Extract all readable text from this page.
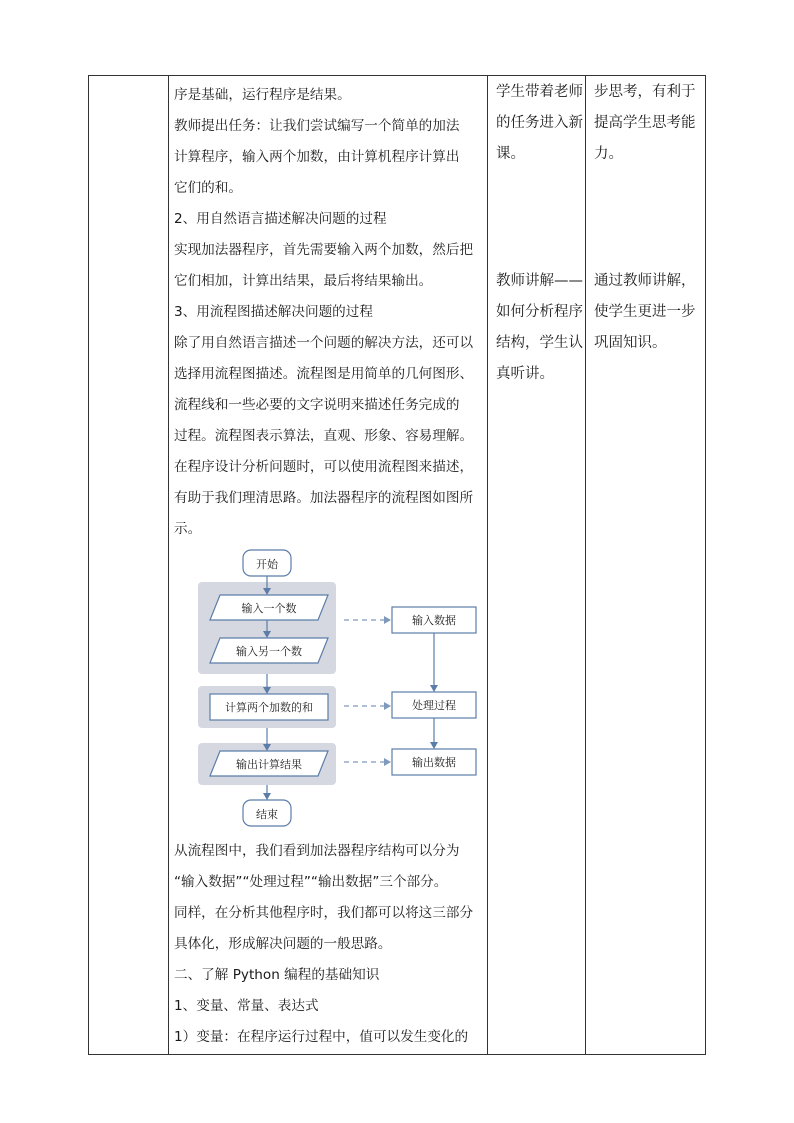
序是基础，运行程序是结果。
教师提出任务：让我们尝试编写一个简单的加法
计算程序，输入两个加数，由计算机程序计算出
它们的和。
2、用自然语言描述解决问题的过程
实现加法器程序，首先需要输入两个加数，然后把
它们相加，计算出结果，最后将结果输出。
3、用流程图描述解决问题的过程
除了用自然语言描述一个问题的解决方法，还可以
选择用流程图描述。流程图是用简单的几何图形、
流程线和一些必要的文字说明来描述任务完成的
过程。流程图表示算法，直观、形象、容易理解。
在程序设计分析问题时，可以使用流程图来描述，
有助于我们理清思路。加法器程序的流程图如图所
示。
从流程图中，我们看到加法器程序结构可以分为
“输入数据”“处理过程”“输出数据”三个部分。
同样，在分析其他程序时，我们都可以将这三部分
具体化，形成解决问题的一般思路。
二、了解 Python 编程的基础知识
1、变量、常量、表达式
1）变量：在程序运行过程中，值可以发生变化的
学生带着老师
的任务进入新
课。
教师讲解——
如何分析程序
结构，学生认
真听讲。
步思考，有利于
提高学生思考能
力。
通过教师讲解，
使学生更进一步
巩固知识。
开始
输入一个数
输入另一个数
计算两个加数的和
输出计算结果
结束
输入数据
处理过程
输出数据
